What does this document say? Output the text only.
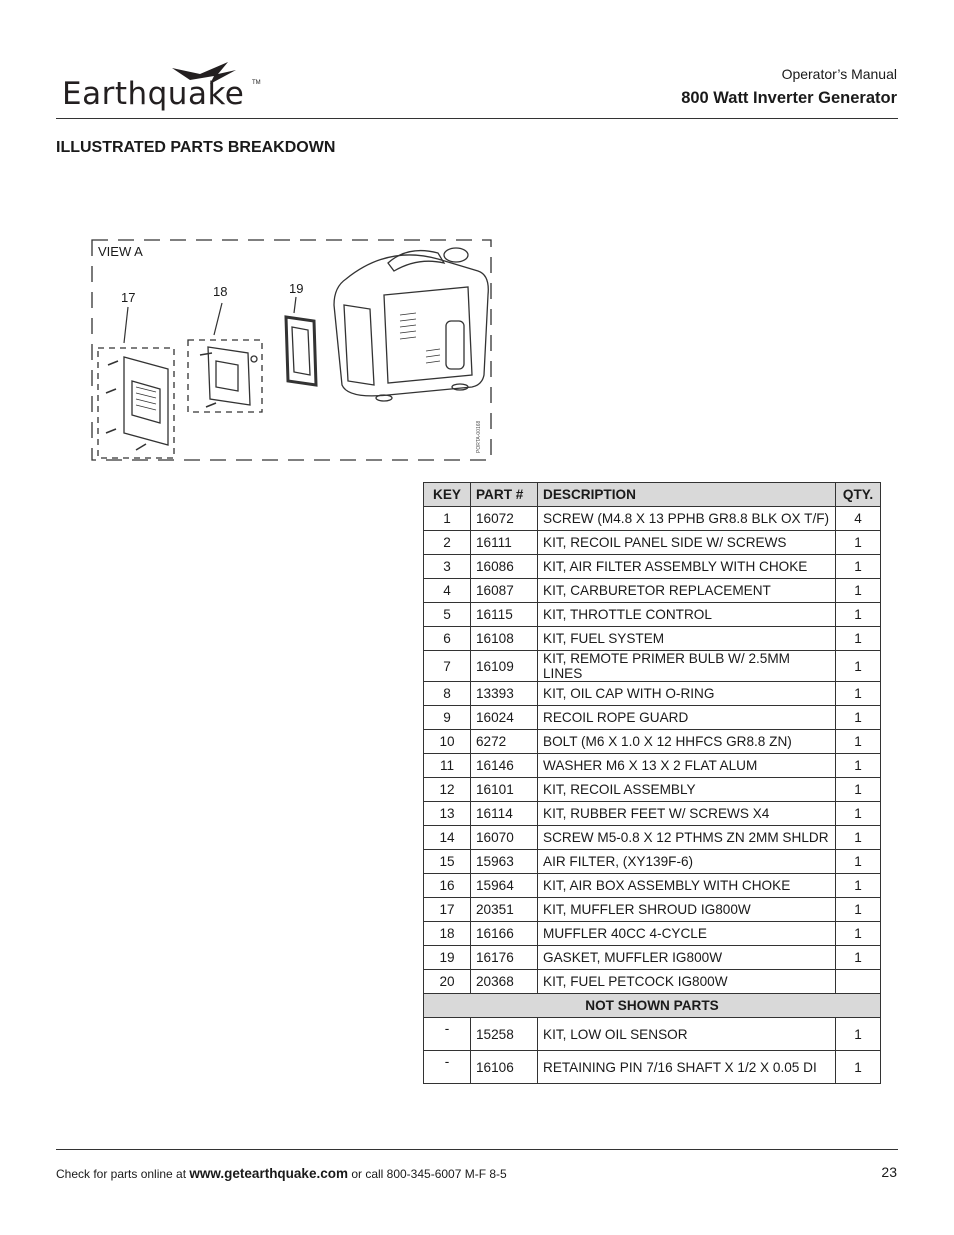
Earthquake TM
Operator’s Manual
800 Watt Inverter Generator
ILLUSTRATED PARTS BREAKDOWN
PORTA-00168
VIEW A
17	18	19
KEY	PART #	DESCRIPTION	QTY.
1	16072	SCREW (M4.8 X 13 PPHB GR8.8 BLK OX T/F)	4
2	16111	KIT, RECOIL PANEL SIDE W/ SCREWS	1
3	16086	KIT, AIR FILTER ASSEMBLY WITH CHOKE	1
4	16087	KIT, CARBURETOR REPLACEMENT	1
5	16115	KIT, THROTTLE CONTROL	1
6	16108	KIT, FUEL SYSTEM	1
7	16109	KIT, REMOTE PRIMER BULB W/ 2.5MM LINES	1
8	13393	KIT, OIL CAP WITH O-RING	1
9	16024	RECOIL ROPE GUARD	1
10	6272	BOLT (M6 X 1.0 X 12 HHFCS GR8.8 ZN)	1
11	16146	WASHER M6 X 13 X 2 FLAT ALUM	1
12	16101	KIT, RECOIL ASSEMBLY	1
13	16114	KIT, RUBBER FEET W/ SCREWS X4	1
14	16070	SCREW M5-0.8 X 12 PTHMS ZN 2MM SHLDR	1
15	15963	AIR FILTER, (XY139F-6)	1
16	15964	KIT, AIR BOX ASSEMBLY WITH CHOKE	1
17	20351	KIT, MUFFLER SHROUD IG800W	1
18	16166	MUFFLER 40CC 4-CYCLE	1
19	16176	GASKET, MUFFLER IG800W	1
20	20368	KIT, FUEL PETCOCK IG800W	
NOT SHOWN PARTS			
-	15258	KIT, LOW OIL SENSOR	1
-	16106	RETAINING PIN 7/16 SHAFT X 1/2 X 0.05 DI	1
Check for parts online at www.getearthquake.com or call 800-345-6007 M-F 8-5	23
